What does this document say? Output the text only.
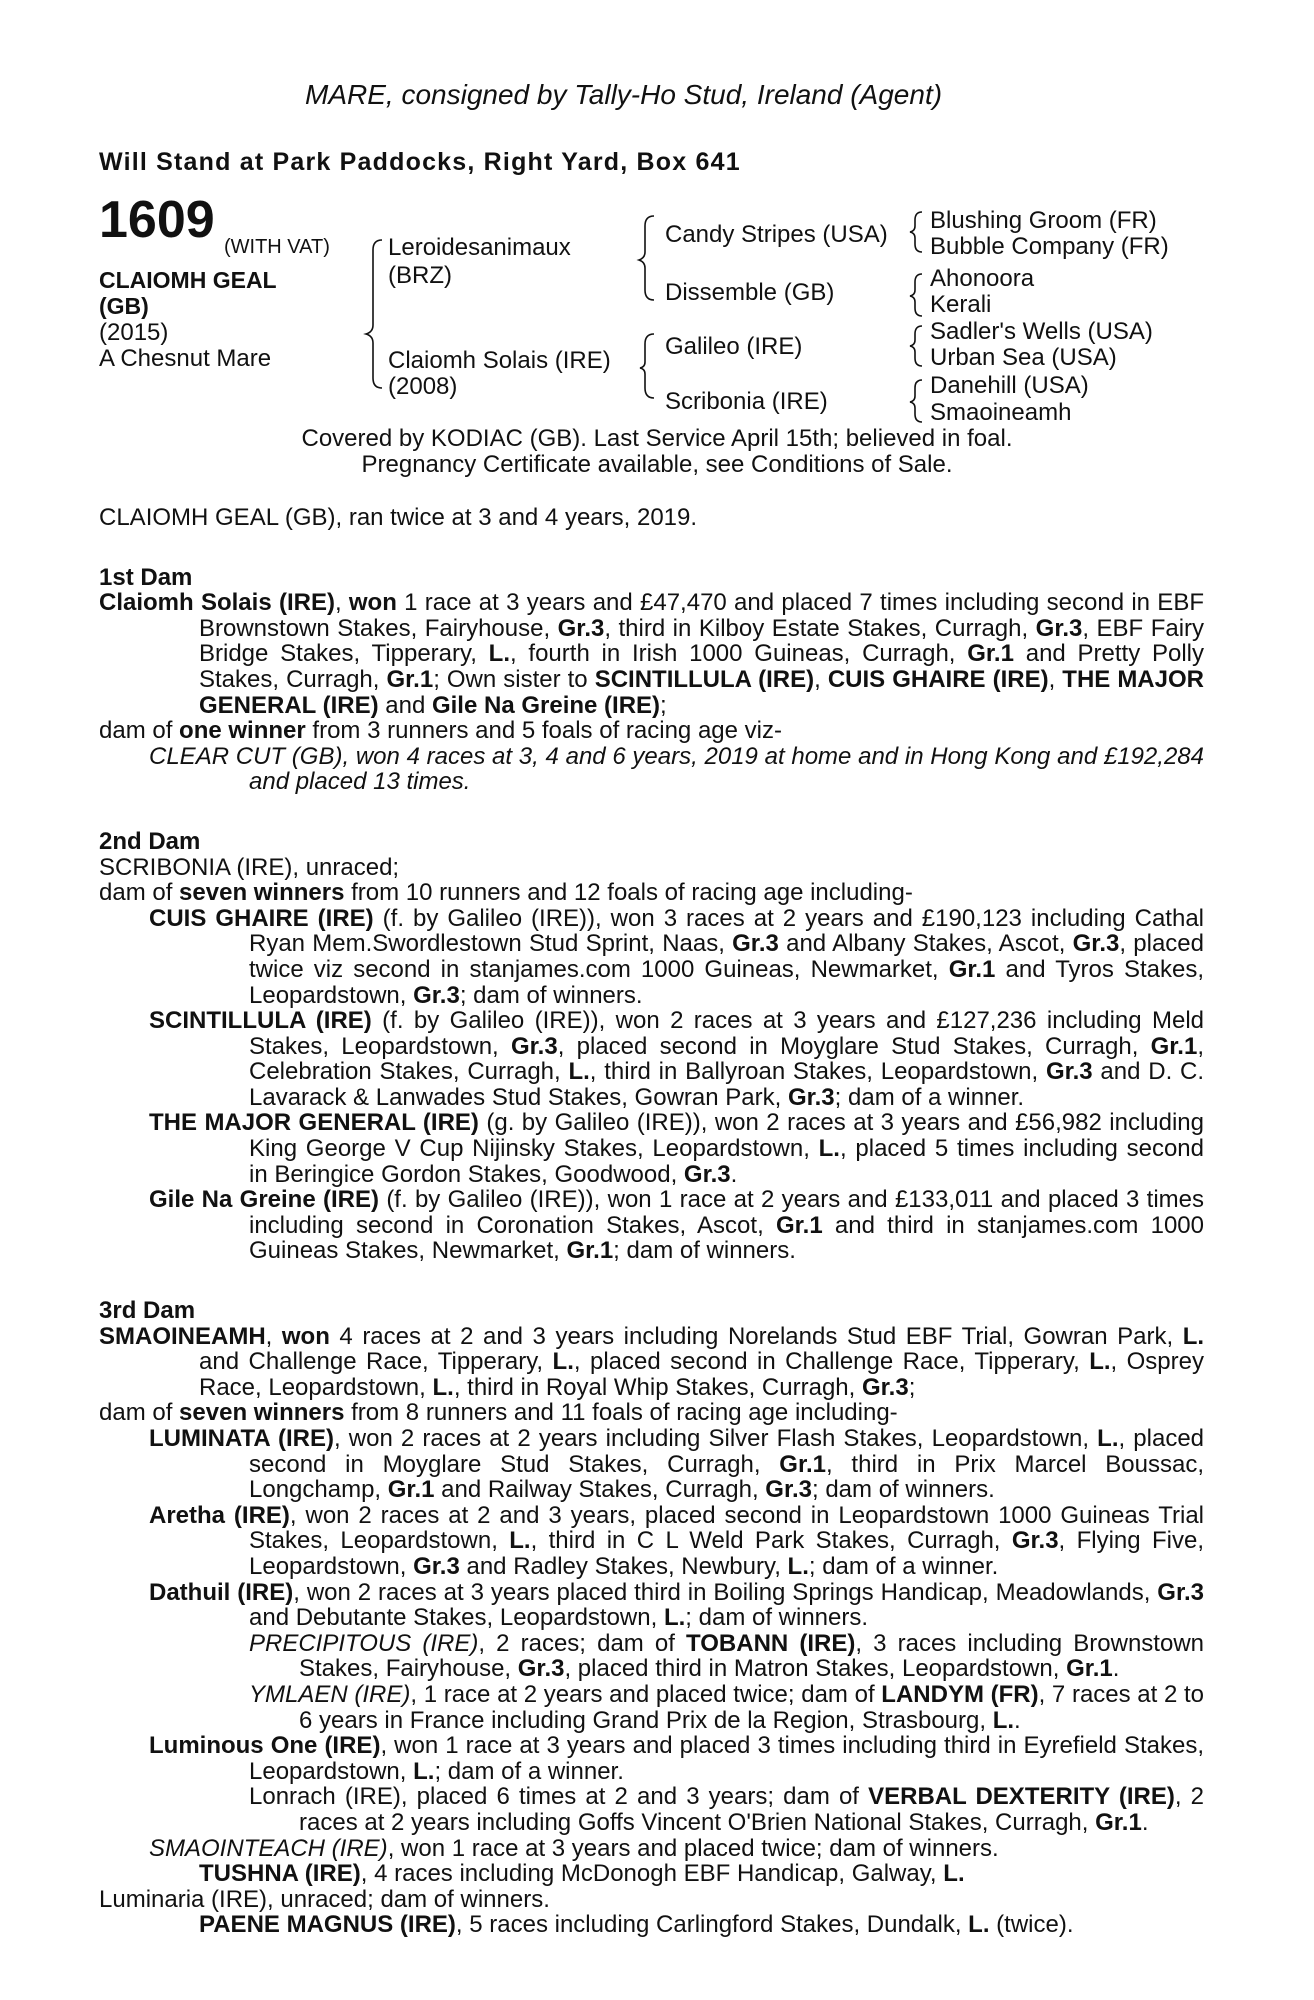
MARE, consigned by Tally-Ho Stud, Ireland (Agent)
Will Stand at Park Paddocks, Right Yard, Box 641
1609 (WITH VAT)
CLAIOMH GEAL
(GB)
(2015)
A Chesnut Mare
Leroidesanimaux
(BRZ)
Claiomh Solais (IRE)
(2008)
Candy Stripes (USA)
Dissemble (GB)
Galileo (IRE)
Scribonia (IRE)
Blushing Groom (FR)
Bubble Company (FR)
Ahonoora
Kerali
Sadler's Wells (USA)
Urban Sea (USA)
Danehill (USA)
Smaoineamh
Covered by KODIAC (GB). Last Service April 15th; believed in foal.
Pregnancy Certificate available, see Conditions of Sale.
CLAIOMH GEAL (GB), ran twice at 3 and 4 years, 2019.
1st Dam
Claiomh Solais (IRE), won 1 race at 3 years and £47,470 and placed 7 times including second in EBF Brownstown Stakes, Fairyhouse, Gr.3, third in Kilboy Estate Stakes, Curragh, Gr.3, EBF Fairy Bridge Stakes, Tipperary, L., fourth in Irish 1000 Guineas, Curragh, Gr.1 and Pretty Polly Stakes, Curragh, Gr.1; Own sister to SCINTILLULA (IRE), CUIS GHAIRE (IRE), THE MAJOR GENERAL (IRE) and Gile Na Greine (IRE);
dam of one winner from 3 runners and 5 foals of racing age viz-
CLEAR CUT (GB), won 4 races at 3, 4 and 6 years, 2019 at home and in Hong Kong and £192,284 and placed 13 times.
2nd Dam
SCRIBONIA (IRE), unraced;
dam of seven winners from 10 runners and 12 foals of racing age including-
CUIS GHAIRE (IRE) (f. by Galileo (IRE)), won 3 races at 2 years and £190,123 including Cathal Ryan Mem.Swordlestown Stud Sprint, Naas, Gr.3 and Albany Stakes, Ascot, Gr.3, placed twice viz second in stanjames.com 1000 Guineas, Newmarket, Gr.1 and Tyros Stakes, Leopardstown, Gr.3; dam of winners.
SCINTILLULA (IRE) (f. by Galileo (IRE)), won 2 races at 3 years and £127,236 including Meld Stakes, Leopardstown, Gr.3, placed second in Moyglare Stud Stakes, Curragh, Gr.1, Celebration Stakes, Curragh, L., third in Ballyroan Stakes, Leopardstown, Gr.3 and D. C. Lavarack & Lanwades Stud Stakes, Gowran Park, Gr.3; dam of a winner.
THE MAJOR GENERAL (IRE) (g. by Galileo (IRE)), won 2 races at 3 years and £56,982 including King George V Cup Nijinsky Stakes, Leopardstown, L., placed 5 times including second in Beringice Gordon Stakes, Goodwood, Gr.3.
Gile Na Greine (IRE) (f. by Galileo (IRE)), won 1 race at 2 years and £133,011 and placed 3 times including second in Coronation Stakes, Ascot, Gr.1 and third in stanjames.com 1000 Guineas Stakes, Newmarket, Gr.1; dam of winners.
3rd Dam
SMAOINEAMH, won 4 races at 2 and 3 years including Norelands Stud EBF Trial, Gowran Park, L. and Challenge Race, Tipperary, L., placed second in Challenge Race, Tipperary, L., Osprey Race, Leopardstown, L., third in Royal Whip Stakes, Curragh, Gr.3;
dam of seven winners from 8 runners and 11 foals of racing age including-
LUMINATA (IRE), won 2 races at 2 years including Silver Flash Stakes, Leopardstown, L., placed second in Moyglare Stud Stakes, Curragh, Gr.1, third in Prix Marcel Boussac, Longchamp, Gr.1 and Railway Stakes, Curragh, Gr.3; dam of winners.
Aretha (IRE), won 2 races at 2 and 3 years, placed second in Leopardstown 1000 Guineas Trial Stakes, Leopardstown, L., third in C L Weld Park Stakes, Curragh, Gr.3, Flying Five, Leopardstown, Gr.3 and Radley Stakes, Newbury, L.; dam of a winner.
Dathuil (IRE), won 2 races at 3 years placed third in Boiling Springs Handicap, Meadowlands, Gr.3 and Debutante Stakes, Leopardstown, L.; dam of winners.
PRECIPITOUS (IRE), 2 races; dam of TOBANN (IRE), 3 races including Brownstown Stakes, Fairyhouse, Gr.3, placed third in Matron Stakes, Leopardstown, Gr.1.
YMLAEN (IRE), 1 race at 2 years and placed twice; dam of LANDYM (FR), 7 races at 2 to 6 years in France including Grand Prix de la Region, Strasbourg, L..
Luminous One (IRE), won 1 race at 3 years and placed 3 times including third in Eyrefield Stakes, Leopardstown, L.; dam of a winner.
Lonrach (IRE), placed 6 times at 2 and 3 years; dam of VERBAL DEXTERITY (IRE), 2 races at 2 years including Goffs Vincent O'Brien National Stakes, Curragh, Gr.1.
SMAOINTEACH (IRE), won 1 race at 3 years and placed twice; dam of winners.
TUSHNA (IRE), 4 races including McDonogh EBF Handicap, Galway, L.
Luminaria (IRE), unraced; dam of winners.
PAENE MAGNUS (IRE), 5 races including Carlingford Stakes, Dundalk, L. (twice).
